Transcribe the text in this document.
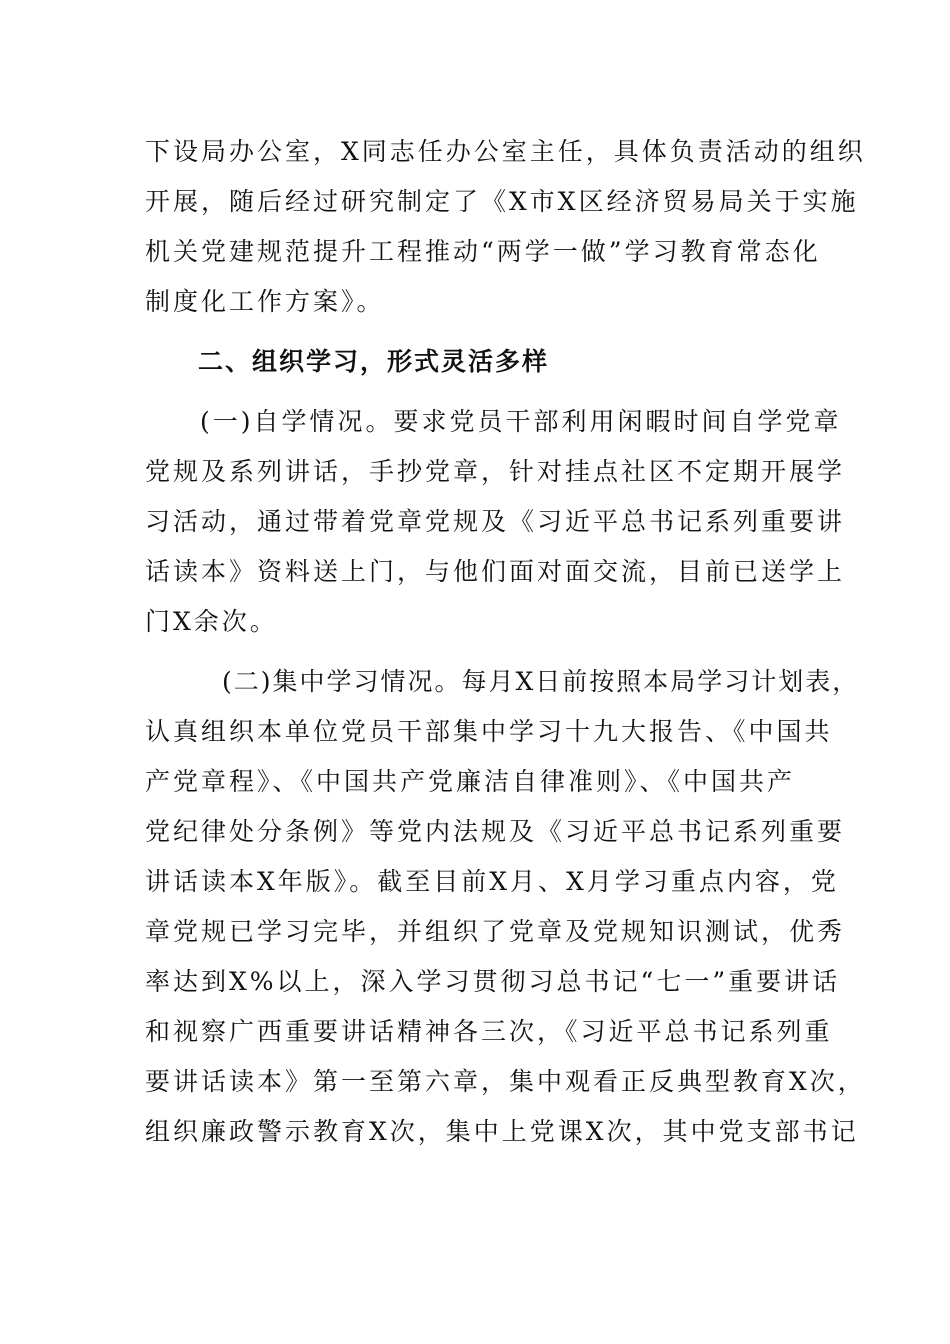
下设局办公室，X同志任办公室主任，具体负责活动的组织
开展，随后经过研究制定了《X市X区经济贸易局关于实施
机关党建规范提升工程推动“两学一做”学习教育常态化
制度化工作方案》。
二、组织学习，形式灵活多样
(一)自学情况。要求党员干部利用闲暇时间自学党章
党规及系列讲话，手抄党章，针对挂点社区不定期开展学
习活动，通过带着党章党规及《习近平总书记系列重要讲
话读本》资料送上门，与他们面对面交流，目前已送学上
门X余次。
(二)集中学习情况。每月X日前按照本局学习计划表，
认真组织本单位党员干部集中学习十九大报告、《中国共
产党章程》、《中国共产党廉洁自律准则》、《中国共产
党纪律处分条例》等党内法规及《习近平总书记系列重要
讲话读本X年版》。截至目前X月、X月学习重点内容，党
章党规已学习完毕，并组织了党章及党规知识测试，优秀
率达到X%以上，深入学习贯彻习总书记“七一”重要讲话
和视察广西重要讲话精神各三次，《习近平总书记系列重
要讲话读本》第一至第六章，集中观看正反典型教育X次，
组织廉政警示教育X次，集中上党课X次，其中党支部书记
